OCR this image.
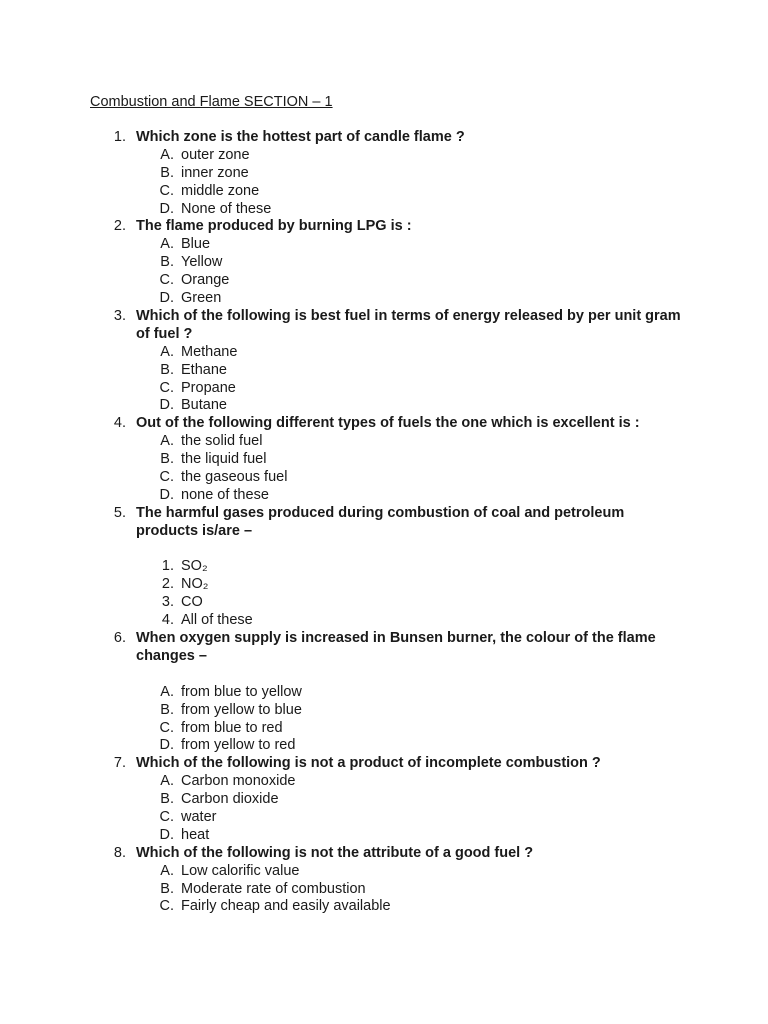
Combustion and Flame SECTION – 1
1. Which zone is the hottest part of candle flame ?
A. outer zone
B. inner zone
C. middle zone
D. None of these
2. The flame produced by burning LPG is :
A. Blue
B. Yellow
C. Orange
D. Green
3. Which of the following is best fuel in terms of energy released by per unit gram of fuel ?
A. Methane
B. Ethane
C. Propane
D. Butane
4. Out of the following different types of fuels the one which is excellent is :
A. the solid fuel
B. the liquid fuel
C. the gaseous fuel
D. none of these
5. The harmful gases produced during combustion of coal and petroleum products is/are –
1. SO₂
2. NO₂
3. CO
4. All of these
6. When oxygen supply is increased in Bunsen burner, the colour of the flame changes –
A. from blue to yellow
B. from yellow to blue
C. from blue to red
D. from yellow to red
7. Which of the following is not a product of incomplete combustion ?
A. Carbon monoxide
B. Carbon dioxide
C. water
D. heat
8. Which of the following is not the attribute of a good fuel ?
A. Low calorific value
B. Moderate rate of combustion
C. Fairly cheap and easily available
